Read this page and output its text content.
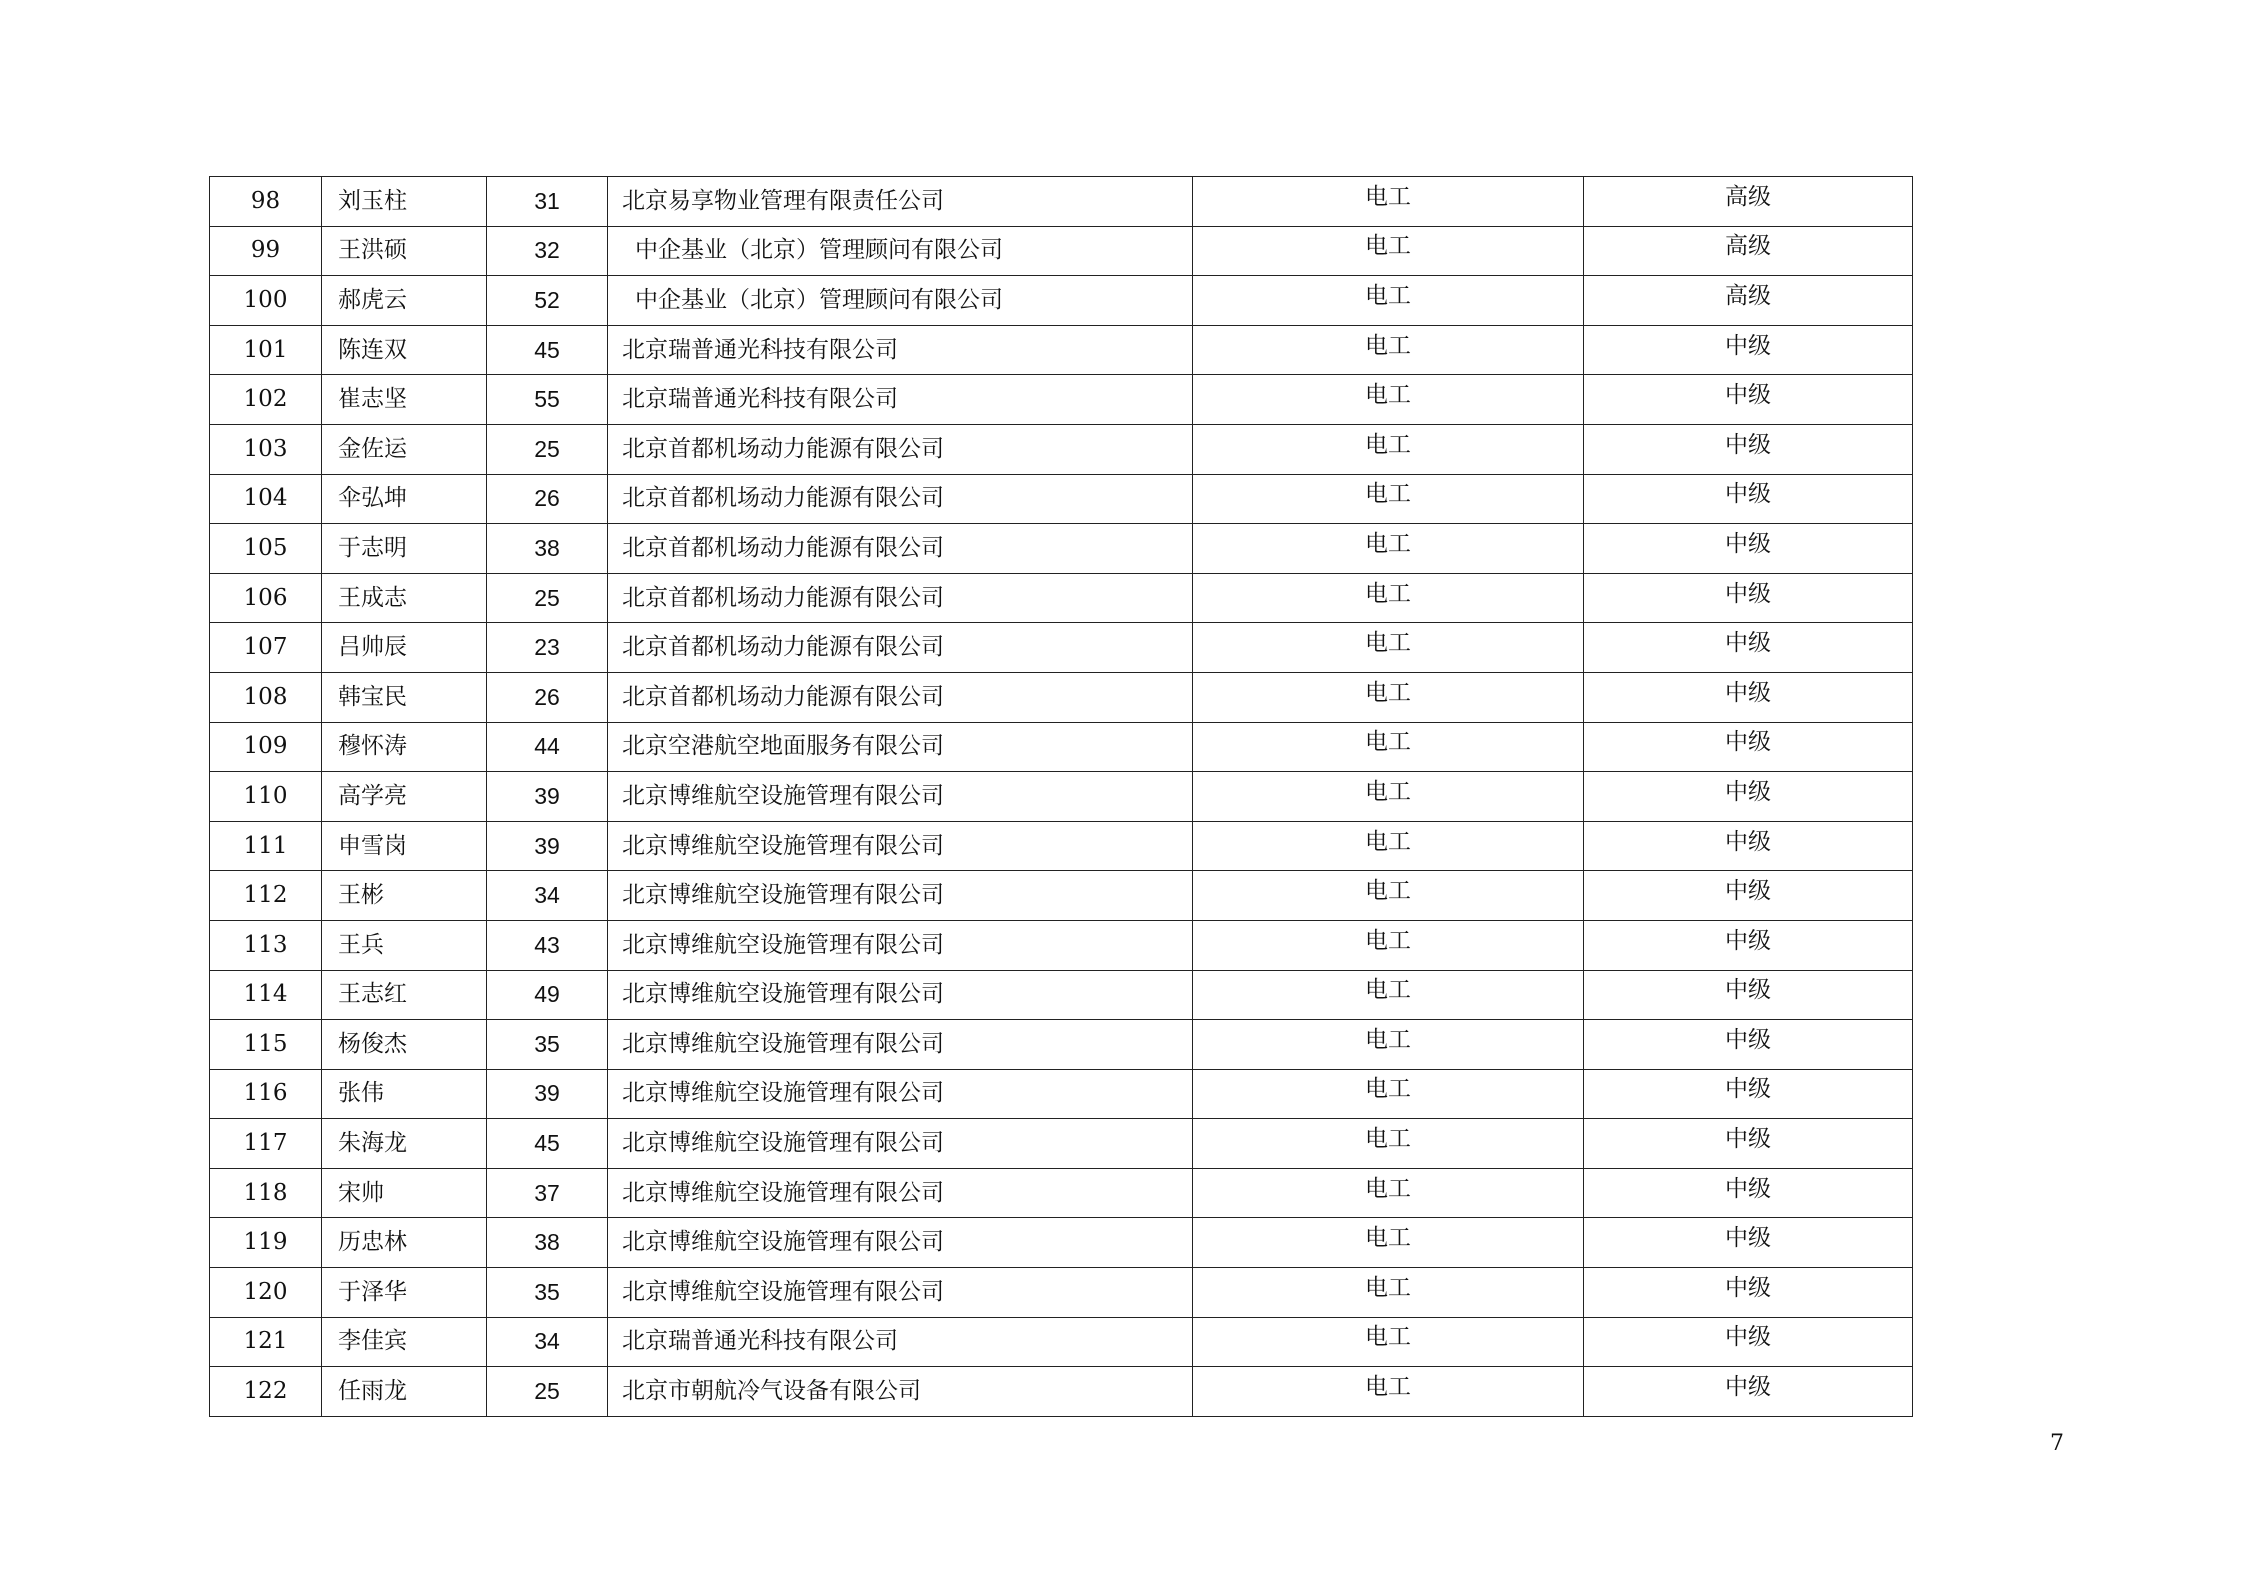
98	刘玉柱	31	北京易享物业管理有限责任公司	电工	高级
99	王洪硕	32	中企基业（北京）管理顾问有限公司	电工	高级
100	郝虎云	52	中企基业（北京）管理顾问有限公司	电工	高级
101	陈连双	45	北京瑞普通光科技有限公司	电工	中级
102	崔志坚	55	北京瑞普通光科技有限公司	电工	中级
103	金佐运	25	北京首都机场动力能源有限公司	电工	中级
104	伞弘坤	26	北京首都机场动力能源有限公司	电工	中级
105	于志明	38	北京首都机场动力能源有限公司	电工	中级
106	王成志	25	北京首都机场动力能源有限公司	电工	中级
107	吕帅辰	23	北京首都机场动力能源有限公司	电工	中级
108	韩宝民	26	北京首都机场动力能源有限公司	电工	中级
109	穆怀涛	44	北京空港航空地面服务有限公司	电工	中级
110	高学亮	39	北京博维航空设施管理有限公司	电工	中级
111	申雪岗	39	北京博维航空设施管理有限公司	电工	中级
112	王彬	34	北京博维航空设施管理有限公司	电工	中级
113	王兵	43	北京博维航空设施管理有限公司	电工	中级
114	王志红	49	北京博维航空设施管理有限公司	电工	中级
115	杨俊杰	35	北京博维航空设施管理有限公司	电工	中级
116	张伟	39	北京博维航空设施管理有限公司	电工	中级
117	朱海龙	45	北京博维航空设施管理有限公司	电工	中级
118	宋帅	37	北京博维航空设施管理有限公司	电工	中级
119	历忠林	38	北京博维航空设施管理有限公司	电工	中级
120	于泽华	35	北京博维航空设施管理有限公司	电工	中级
121	李佳宾	34	北京瑞普通光科技有限公司	电工	中级
122	任雨龙	25	北京市朝航冷气设备有限公司	电工	中级
7
